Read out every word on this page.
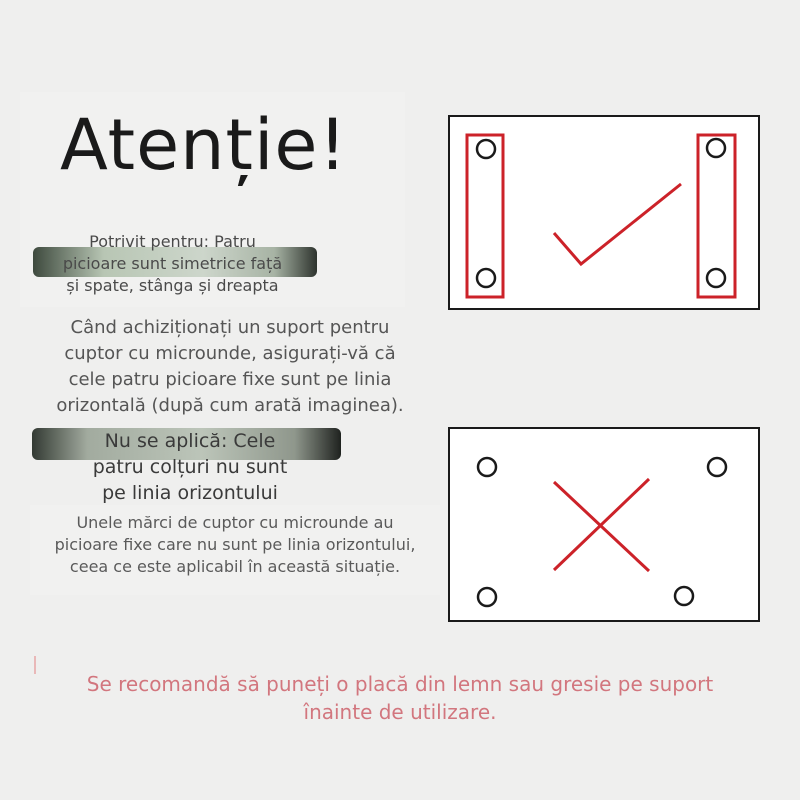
Atenție!
Potrivit pentru: Patru
picioare sunt simetrice față
și spate, stânga și dreapta
Când achiziționați un suport pentru
cuptor cu microunde, asigurați-vă că
cele patru picioare fixe sunt pe linia
orizontală (după cum arată imaginea).
Nu se aplică: Cele
patru colțuri nu sunt
pe linia orizontului
Unele mărci de cuptor cu microunde au
picioare fixe care nu sunt pe linia orizontului,
ceea ce este aplicabil în această situație.
Se recomandă să puneți o placă din lemn sau gresie pe suport
înainte de utilizare.
